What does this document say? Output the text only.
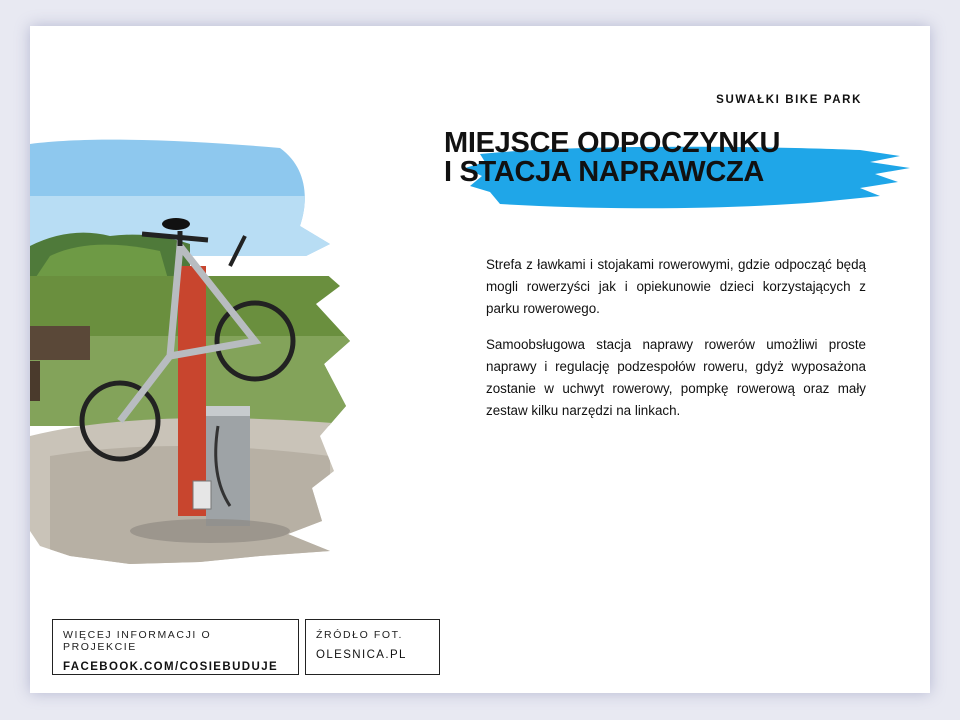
SUWAŁKI BIKE PARK
MIEJSCE ODPOCZYNKU
I STACJA NAPRAWCZA

Strefa z ławkami i stojakami rowerowymi, gdzie odpocząć będą mogli rowerzyści jak i opiekunowie dzieci korzystających z parku rowerowego.

Samoobsługowa stacja naprawy rowerów umożliwi proste naprawy i regulację podzespołów roweru, gdyż wyposażona zostanie w uchwyt rowerowy, pompkę rowerową oraz mały zestaw kilku narzędzi na linkach.

WIĘCEJ INFORMACJI O PROJEKCIE
FACEBOOK.COM/COSIEBUDUJE
ŹRÓDŁO FOT.
OLESNICA.PL
